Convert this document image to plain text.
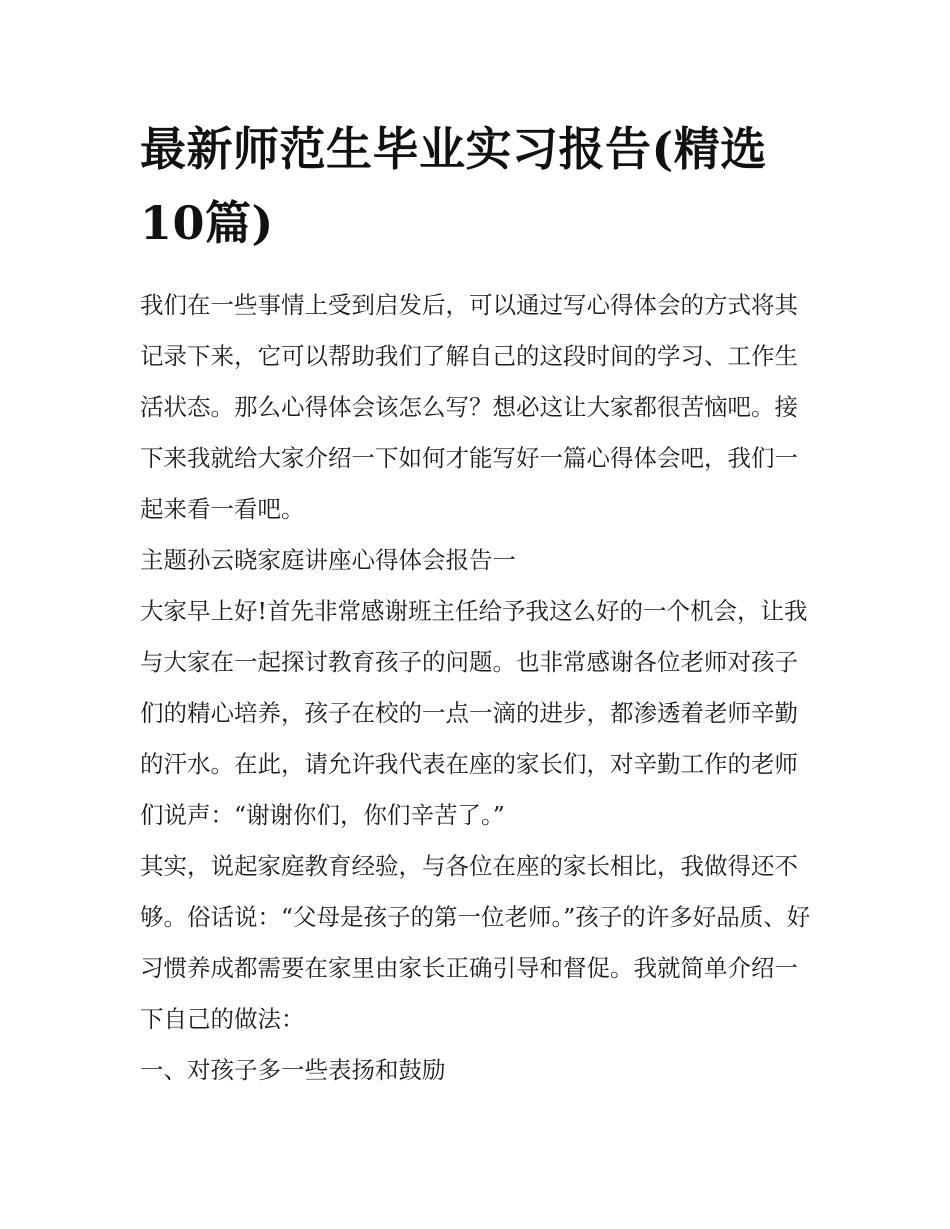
最新师范生毕业实习报告(精选10篇)

我们在一些事情上受到启发后，可以通过写心得体会的方式将其记录下来，它可以帮助我们了解自己的这段时间的学习、工作生活状态。那么心得体会该怎么写？想必这让大家都很苦恼吧。接下来我就给大家介绍一下如何才能写好一篇心得体会吧，我们一起来看一看吧。

主题孙云晓家庭讲座心得体会报告一

大家早上好!首先非常感谢班主任给予我这么好的一个机会，让我与大家在一起探讨教育孩子的问题。也非常感谢各位老师对孩子们的精心培养，孩子在校的一点一滴的进步，都渗透着老师辛勤的汗水。在此，请允许我代表在座的家长们，对辛勤工作的老师们说声：“谢谢你们，你们辛苦了。”

其实，说起家庭教育经验，与各位在座的家长相比，我做得还不够。俗话说：“父母是孩子的第一位老师。”孩子的许多好品质、好习惯养成都需要在家里由家长正确引导和督促。我就简单介绍一下自己的做法：

一、对孩子多一些表扬和鼓励
